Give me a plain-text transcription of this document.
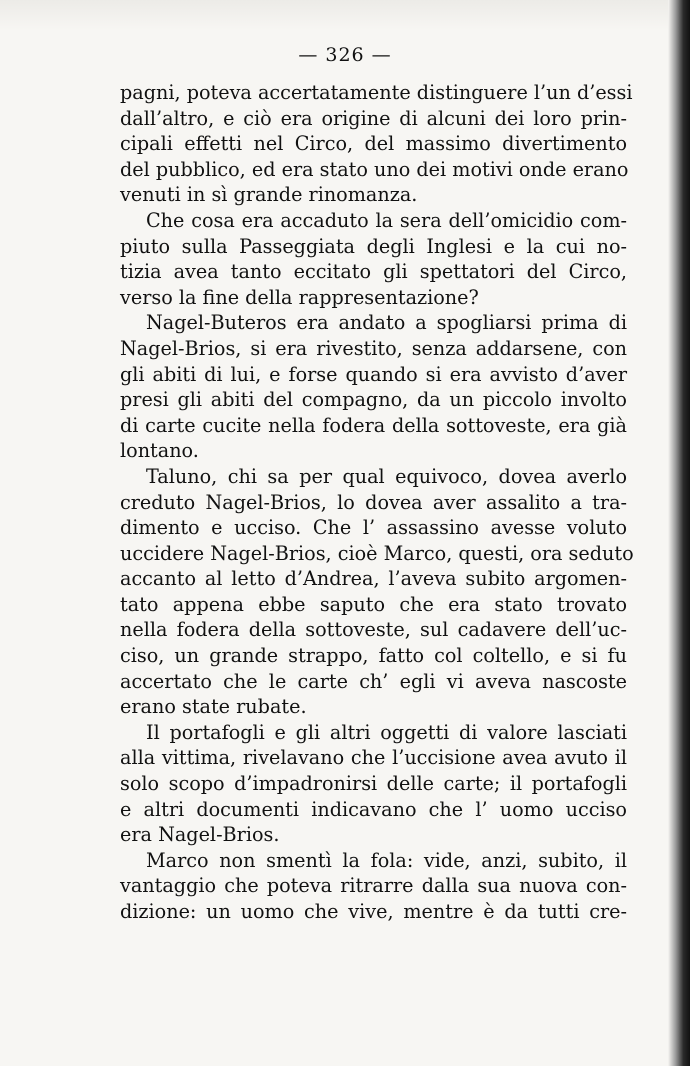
— 326 —
pagni, poteva accertatamente distinguere l’un d’essi
dall’altro, e ciò era origine di alcuni dei loro prin-
cipali effetti nel Circo, del massimo divertimento
del pubblico, ed era stato uno dei motivi onde erano
venuti in sì grande rinomanza.
Che cosa era accaduto la sera dell’omicidio com-
piuto sulla Passeggiata degli Inglesi e la cui no-
tizia avea tanto eccitato gli spettatori del Circo,
verso la fine della rappresentazione?
Nagel-Buteros era andato a spogliarsi prima di
Nagel-Brios, si era rivestito, senza addarsene, con
gli abiti di lui, e forse quando si era avvisto d’aver
presi gli abiti del compagno, da un piccolo involto
di carte cucite nella fodera della sottoveste, era già
lontano.
Taluno, chi sa per qual equivoco, dovea averlo
creduto Nagel-Brios, lo dovea aver assalito a tra-
dimento e ucciso. Che l’ assassino avesse voluto
uccidere Nagel-Brios, cioè Marco, questi, ora seduto
accanto al letto d’Andrea, l’aveva subito argomen-
tato appena ebbe saputo che era stato trovato
nella fodera della sottoveste, sul cadavere dell’uc-
ciso, un grande strappo, fatto col coltello, e si fu
accertato che le carte ch’ egli vi aveva nascoste
erano state rubate.
Il portafogli e gli altri oggetti di valore lasciati
alla vittima, rivelavano che l’uccisione avea avuto il
solo scopo d’impadronirsi delle carte; il portafogli
e altri documenti indicavano che l’ uomo ucciso
era Nagel-Brios.
Marco non smentì la fola: vide, anzi, subito, il
vantaggio che poteva ritrarre dalla sua nuova con-
dizione: un uomo che vive, mentre è da tutti cre-
